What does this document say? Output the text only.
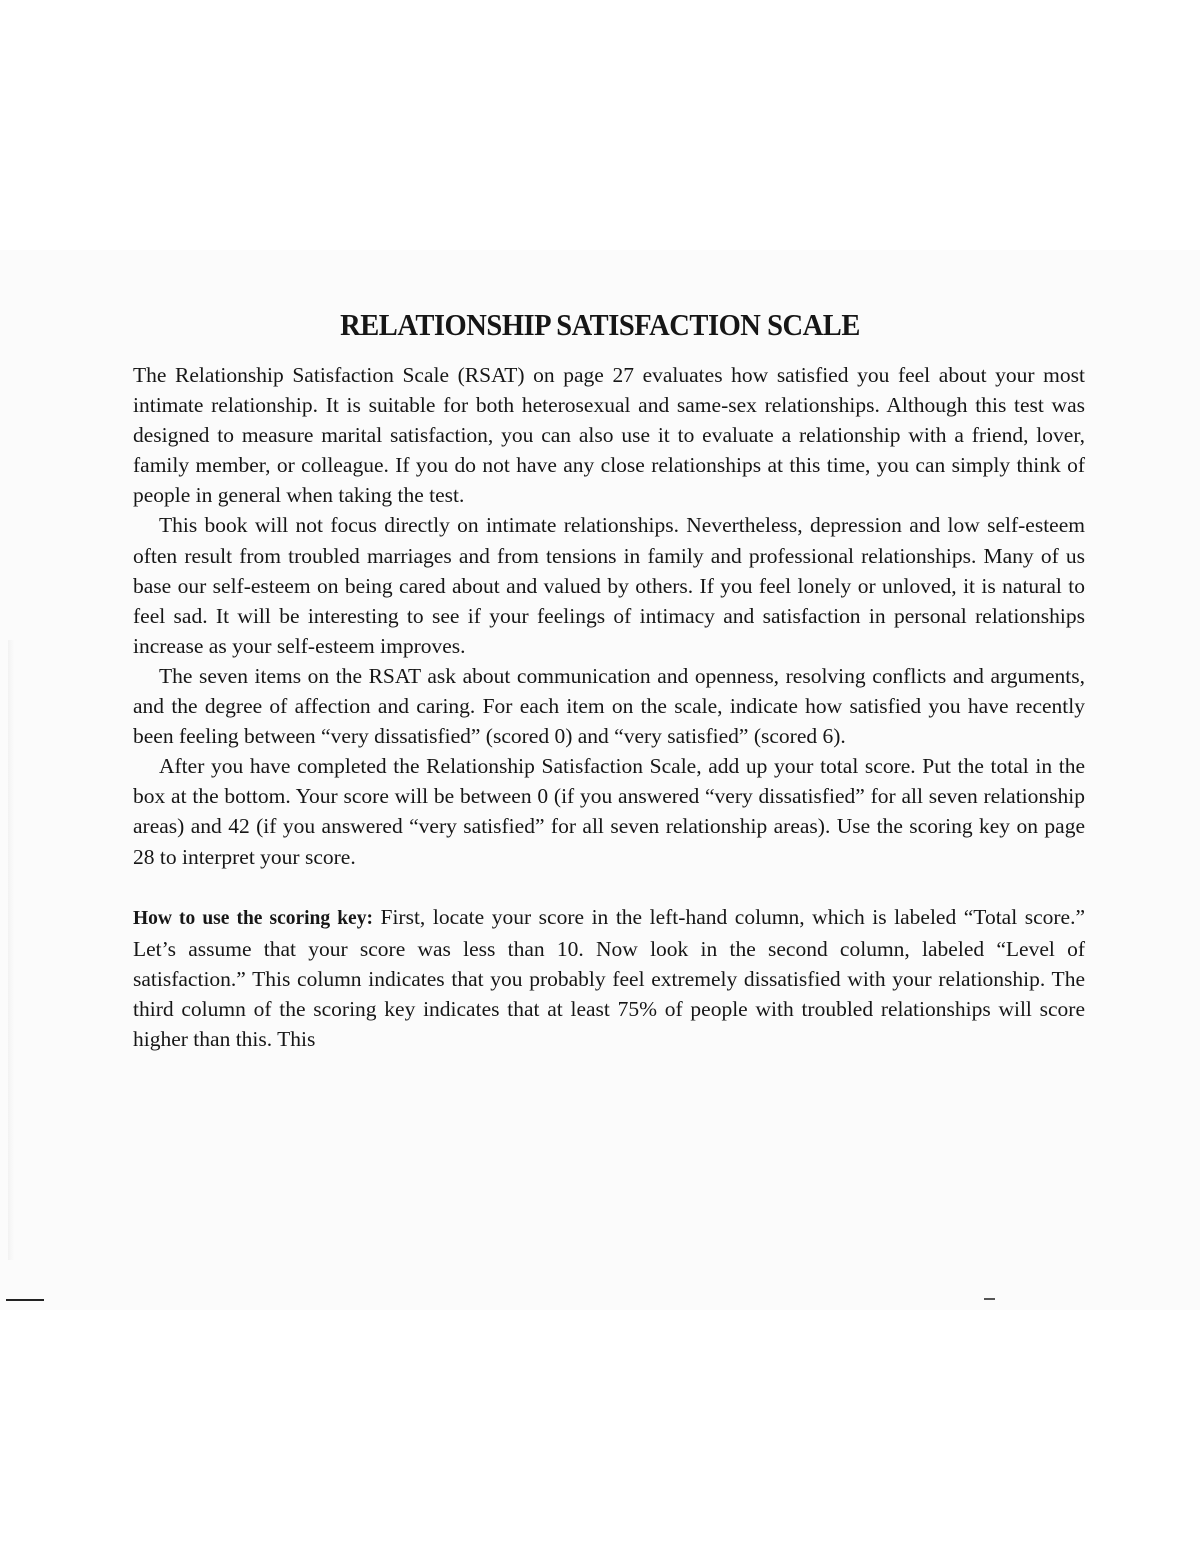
RELATIONSHIP SATISFACTION SCALE

The Relationship Satisfaction Scale (RSAT) on page 27 evaluates how satisfied you feel about your most intimate relationship. It is suitable for both heterosexual and same-sex relationships. Although this test was designed to measure marital satisfaction, you can also use it to evaluate a relationship with a friend, lover, family member, or colleague. If you do not have any close relationships at this time, you can simply think of people in general when taking the test.

This book will not focus directly on intimate relationships. Nevertheless, depression and low self-esteem often result from troubled marriages and from tensions in family and professional relationships. Many of us base our self-esteem on being cared about and valued by others. If you feel lonely or unloved, it is natural to feel sad. It will be interesting to see if your feelings of intimacy and satisfaction in personal relationships increase as your self-esteem improves.

The seven items on the RSAT ask about communication and openness, resolving conflicts and arguments, and the degree of affection and caring. For each item on the scale, indicate how satisfied you have recently been feeling between “very dissatisfied” (scored 0) and “very satisfied” (scored 6).

After you have completed the Relationship Satisfaction Scale, add up your total score. Put the total in the box at the bottom. Your score will be between 0 (if you answered “very dissatisfied” for all seven relationship areas) and 42 (if you answered “very satisfied” for all seven relationship areas). Use the scoring key on page 28 to interpret your score.

How to use the scoring key: First, locate your score in the left-hand column, which is labeled “Total score.” Let’s assume that your score was less than 10. Now look in the second column, labeled “Level of satisfaction.” This column indicates that you probably feel extremely dissatisfied with your relationship. The third column of the scoring key indicates that at least 75% of people with troubled relationships will score higher than this. This
